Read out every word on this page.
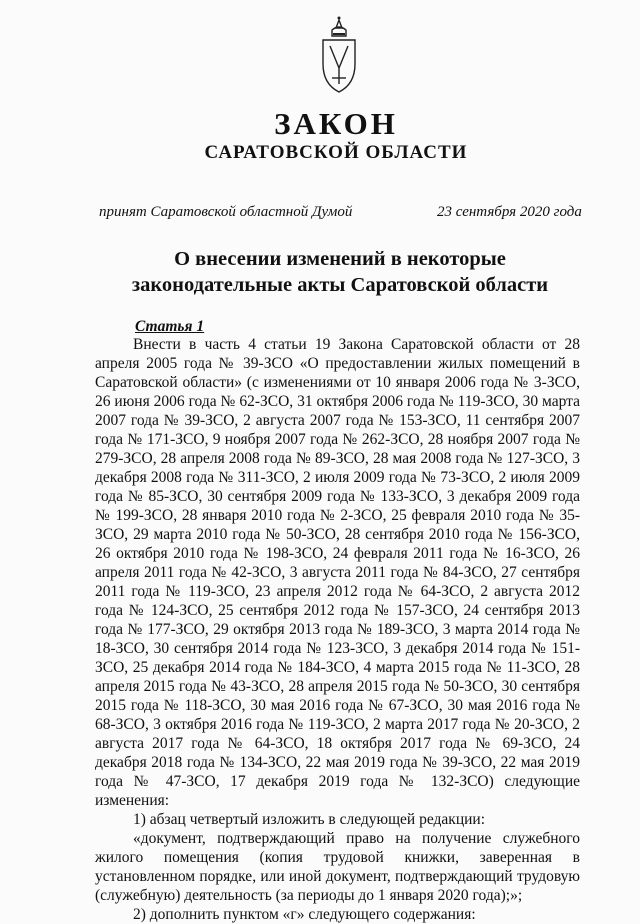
ЗАКОН
САРАТОВСКОЙ ОБЛАСТИ
принят Саратовской областной Думой	23 сентября 2020 года
О внесении изменений в некоторые законодательные акты Саратовской области
Статья 1

Внести в часть 4 статьи 19 Закона Саратовской области от 28 апреля 2005 года № 39-ЗСО «О предоставлении жилых помещений в Саратовской области» (с изменениями от 10 января 2006 года № 3-ЗСО, 26 июня 2006 года № 62-ЗСО, 31 октября 2006 года № 119-ЗСО, 30 марта 2007 года № 39-ЗСО, 2 августа 2007 года № 153-ЗСО, 11 сентября 2007 года № 171-ЗСО, 9 ноября 2007 года № 262-ЗСО, 28 ноября 2007 года № 279-ЗСО, 28 апреля 2008 года № 89-ЗСО, 28 мая 2008 года № 127-ЗСО, 3 декабря 2008 года № 311-ЗСО, 2 июля 2009 года № 73-ЗСО, 2 июля 2009 года № 85-ЗСО, 30 сентября 2009 года № 133-ЗСО, 3 декабря 2009 года № 199-ЗСО, 28 января 2010 года № 2-ЗСО, 25 февраля 2010 года № 35-ЗСО, 29 марта 2010 года № 50-ЗСО, 28 сентября 2010 года № 156-ЗСО, 26 октября 2010 года № 198-ЗСО, 24 февраля 2011 года № 16-ЗСО, 26 апреля 2011 года № 42-ЗСО, 3 августа 2011 года № 84-ЗСО, 27 сентября 2011 года № 119-ЗСО, 23 апреля 2012 года № 64-ЗСО, 2 августа 2012 года № 124-ЗСО, 25 сентября 2012 года № 157-ЗСО, 24 сентября 2013 года № 177-ЗСО, 29 октября 2013 года № 189-ЗСО, 3 марта 2014 года № 18-ЗСО, 30 сентября 2014 года № 123-ЗСО, 3 декабря 2014 года № 151-ЗСО, 25 декабря 2014 года № 184-ЗСО, 4 марта 2015 года № 11-ЗСО, 28 апреля 2015 года № 43-ЗСО, 28 апреля 2015 года № 50-ЗСО, 30 сентября 2015 года № 118-ЗСО, 30 мая 2016 года № 67-ЗСО, 30 мая 2016 года № 68-ЗСО, 3 октября 2016 года № 119-ЗСО, 2 марта 2017 года № 20-ЗСО, 2 августа 2017 года № 64-ЗСО, 18 октября 2017 года № 69-ЗСО, 24 декабря 2018 года № 134-ЗСО, 22 мая 2019 года № 39-ЗСО, 22 мая 2019 года № 47-ЗСО, 17 декабря 2019 года № 132-ЗСО) следующие изменения:

1) абзац четвертый изложить в следующей редакции:

«документ, подтверждающий право на получение служебного жилого помещения (копия трудовой книжки, заверенная в установленном порядке, или иной документ, подтверждающий трудовую (служебную) деятельность (за периоды до 1 января 2020 года);»;

2) дополнить пунктом «г» следующего содержания:
